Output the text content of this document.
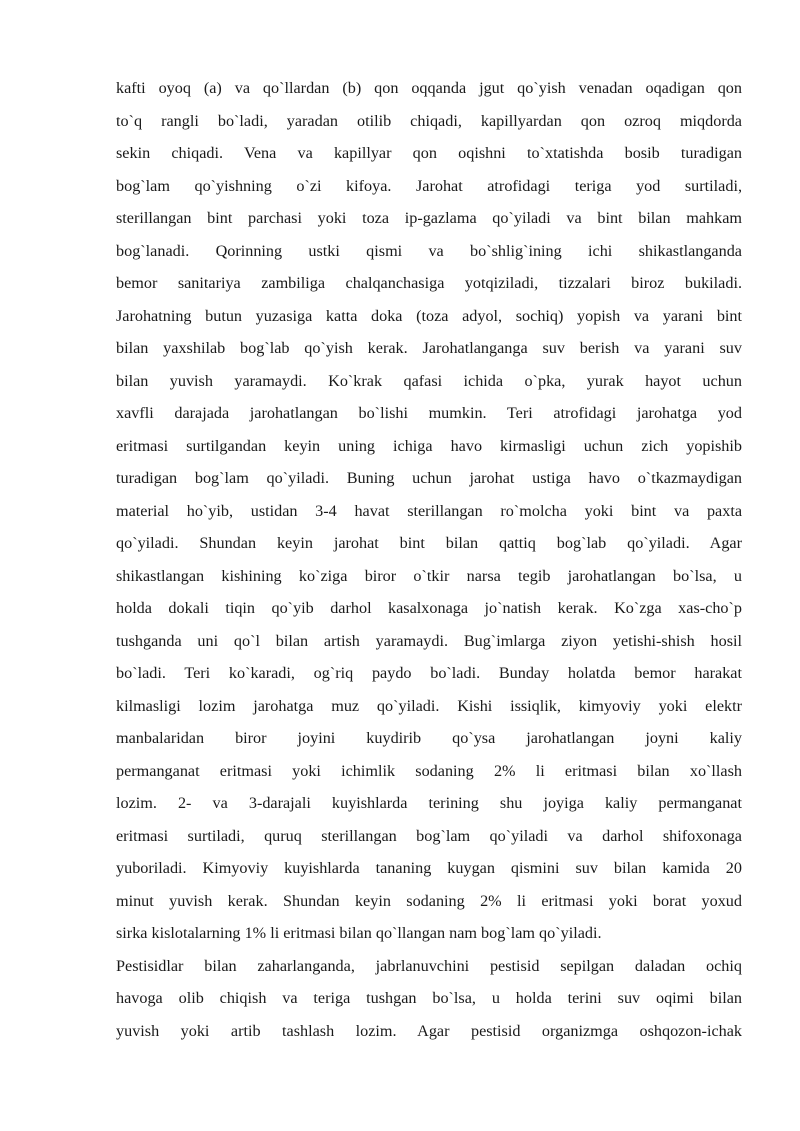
kafti oyoq (a) va qo`llardan (b) qon oqqanda jgut qo`yish venadan oqadigan qon
to`q rangli bo`ladi, yaradan otilib chiqadi, kapillyardan qon ozroq miqdorda
sekin chiqadi. Vena va kapillyar qon oqishni to`xtatishda bosib turadigan
bog`lam qo`yishning o`zi kifoya. Jarohat atrofidagi teriga yod surtiladi,
sterillangan bint parchasi yoki toza ip-gazlama qo`yiladi va bint bilan mahkam
bog`lanadi. Qorinning ustki qismi va bo`shlig`ining ichi shikastlanganda
bemor sanitariya zambiliga chalqanchasiga yotqiziladi, tizzalari biroz bukiladi.
Jarohatning butun yuzasiga katta doka (toza adyol, sochiq) yopish va yarani bint
bilan yaxshilab bog`lab qo`yish kerak. Jarohatlanganga suv berish va yarani suv
bilan yuvish yaramaydi. Ko`krak qafasi ichida o`pka, yurak hayot uchun
xavfli darajada jarohatlangan bo`lishi mumkin. Teri atrofidagi jarohatga yod
eritmasi surtilgandan keyin uning ichiga havo kirmasligi uchun zich yopishib
turadigan bog`lam qo`yiladi. Buning uchun jarohat ustiga havo o`tkazmaydigan
material ho`yib, ustidan 3-4 havat sterillangan ro`molcha yoki bint va paxta
qo`yiladi. Shundan keyin jarohat bint bilan qattiq bog`lab qo`yiladi. Agar
shikastlangan kishining ko`ziga biror o`tkir narsa tegib jarohatlangan bo`lsa, u
holda dokali tiqin qo`yib darhol kasalxonaga jo`natish kerak. Ko`zga xas-cho`p
tushganda uni qo`l bilan artish yaramaydi. Bug`imlarga ziyon yetishi-shish hosil
bo`ladi. Teri ko`karadi, og`riq paydo bo`ladi. Bunday holatda bemor harakat
kilmasligi lozim jarohatga muz qo`yiladi. Kishi issiqlik, kimyoviy yoki elektr
manbalaridan biror joyini kuydirib qo`ysa jarohatlangan joyni kaliy
permanganat eritmasi yoki ichimlik sodaning 2% li eritmasi bilan xo`llash
lozim. 2- va 3-darajali kuyishlarda terining shu joyiga kaliy permanganat
eritmasi surtiladi, quruq sterillangan bog`lam qo`yiladi va darhol shifoxonaga
yuboriladi. Kimyoviy kuyishlarda tananing kuygan qismini suv bilan kamida 20
minut yuvish kerak. Shundan keyin sodaning 2% li eritmasi yoki borat yoxud
sirka kislotalarning 1% li eritmasi bilan qo`llangan nam bog`lam qo`yiladi.
Pestisidlar bilan zaharlanganda, jabrlanuvchini pestisid sepilgan daladan ochiq
havoga olib chiqish va teriga tushgan bo`lsa, u holda terini suv oqimi bilan
yuvish yoki artib tashlash lozim. Agar pestisid organizmga oshqozon-ichak
